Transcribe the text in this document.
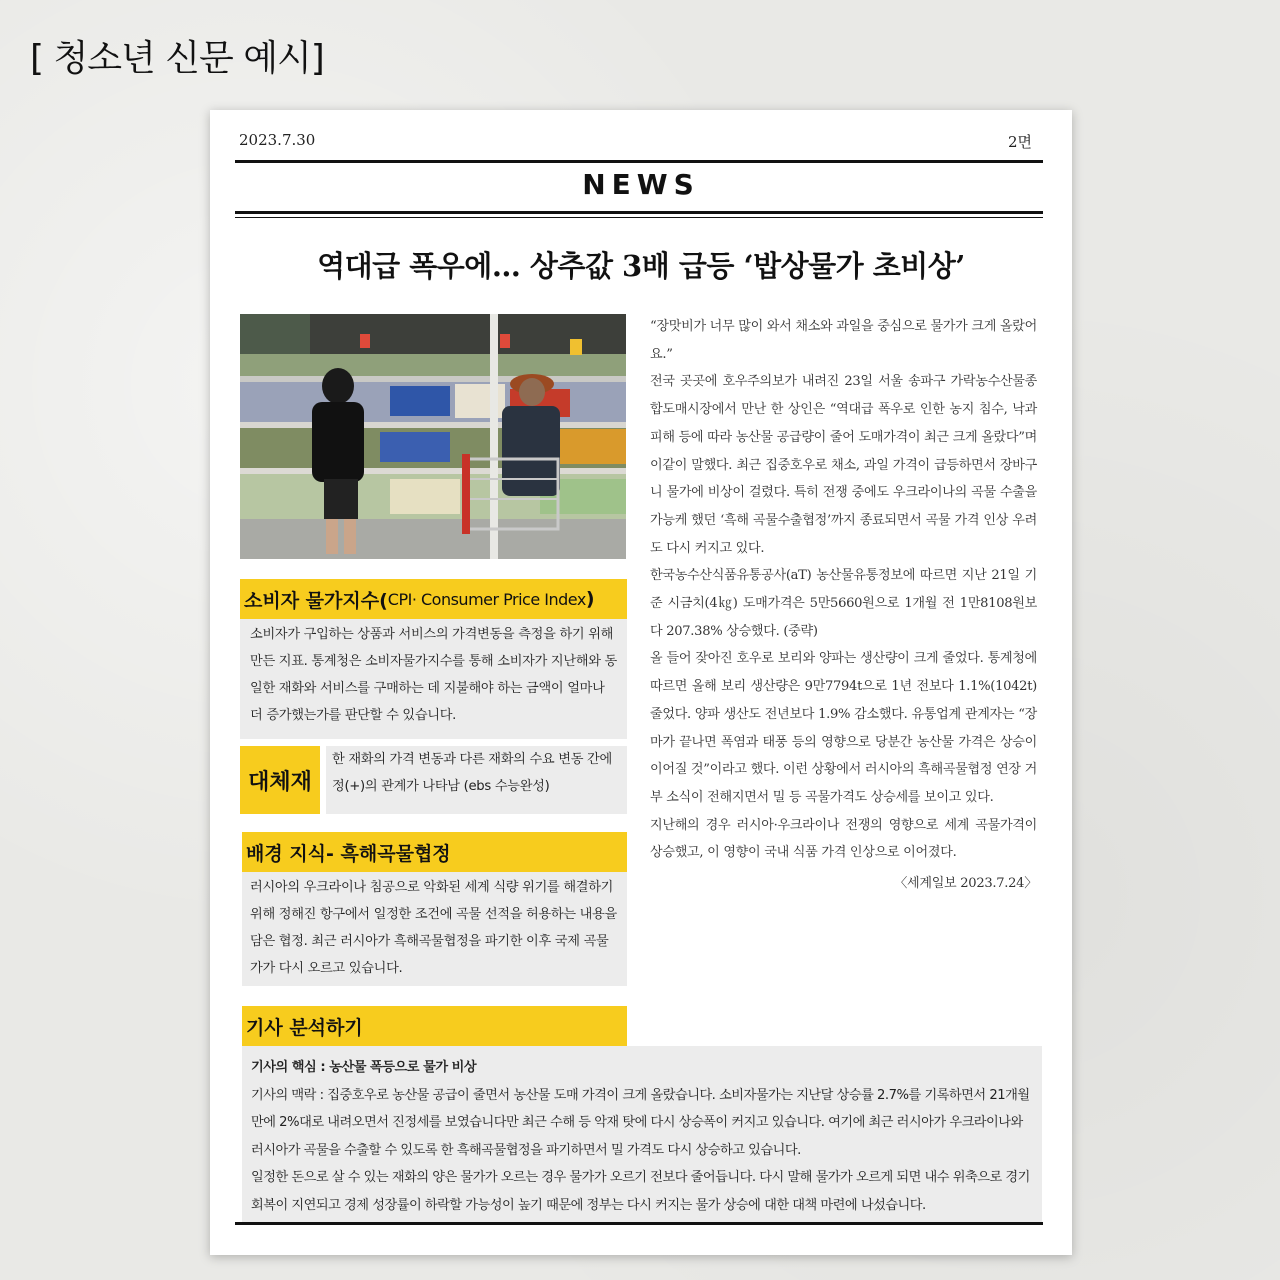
[ 청소년 신문 예시]
2023.7.30	2면
NEWS
역대급 폭우에… 상추값 3배 급등 ‘밥상물가 초비상’
소비자 물가지수( CPI· Consumer Price Index )

소비자가 구입하는 상품과 서비스의 가격변동을 측정을 하기 위해 만든 지표. 통계청은 소비자물가지수를 통해 소비자가 지난해와 동일한 재화와 서비스를 구매하는 데 지불해야 하는 금액이 얼마나 더 증가했는가를 판단할 수 있습니다.

대체재

한 재화의 가격 변동과 다른 재화의 수요 변동 간에 정(+)의 관계가 나타남 (ebs 수능완성)

배경 지식- 흑해곡물협정

러시아의 우크라이나 침공으로 악화된 세계 식량 위기를 해결하기 위해 정해진 항구에서 일정한 조건에 곡물 선적을 허용하는 내용을 담은 협정. 최근 러시아가 흑해곡물협정을 파기한 이후 국제 곡물가가 다시 오르고 있습니다.

기사 분석하기

기사의 핵심 : 농산물 폭등으로 물가 비상

기사의 맥락 : 집중호우로 농산물 공급이 줄면서 농산물 도매 가격이 크게 올랐습니다. 소비자물가는 지난달 상승률 2.7%를 기록하면서 21개월 만에 2%대로 내려오면서 진정세를 보였습니다만 최근 수해 등 악재 탓에 다시 상승폭이 커지고 있습니다. 여기에 최근 러시아가 우크라이나와 러시아가 곡물을 수출할 수 있도록 한 흑해곡물협정을 파기하면서 밀 가격도 다시 상승하고 있습니다.

일정한 돈으로 살 수 있는 재화의 양은 물가가 오르는 경우 물가가 오르기 전보다 줄어듭니다. 다시 말해 물가가 오르게 되면 내수 위축으로 경기 회복이 지연되고 경제 성장률이 하락할 가능성이 높기 때문에 정부는 다시 커지는 물가 상승에 대한 대책 마련에 나섰습니다.

“장맛비가 너무 많이 와서 채소와 과일을 중심으로 물가가 크게 올랐어요.”

전국 곳곳에 호우주의보가 내려진 23일 서울 송파구 가락농수산물종합도매시장에서 만난 한 상인은 “역대급 폭우로 인한 농지 침수, 낙과 피해 등에 따라 농산물 공급량이 줄어 도매가격이 최근 크게 올랐다”며 이같이 말했다. 최근 집중호우로 채소, 과일 가격이 급등하면서 장바구니 물가에 비상이 걸렸다. 특히 전쟁 중에도 우크라이나의 곡물 수출을 가능케 했던 ‘흑해 곡물수출협정’까지 종료되면서 곡물 가격 인상 우려도 다시 커지고 있다.

한국농수산식품유통공사(aT) 농산물유통정보에 따르면 지난 21일 기준 시금치(4㎏) 도매가격은 5만5660원으로 1개월 전 1만8108원보다 207.38% 상승했다. (중략)

올 들어 잦아진 호우로 보리와 양파는 생산량이 크게 줄었다. 통계청에 따르면 올해 보리 생산량은 9만7794t으로 1년 전보다 1.1%(1042t) 줄었다. 양파 생산도 전년보다 1.9% 감소했다. 유통업계 관계자는 “장마가 끝나면 폭염과 태풍 등의 영향으로 당분간 농산물 가격은 상승이 이어질 것”이라고 했다. 이런 상황에서 러시아의 흑해곡물협정 연장 거부 소식이 전해지면서 밀 등 곡물가격도 상승세를 보이고 있다.

지난해의 경우 러시아·우크라이나 전쟁의 영향으로 세계 곡물가격이 상승했고, 이 영향이 국내 식품 가격 인상으로 이어졌다.

〈세계일보 2023.7.24〉
